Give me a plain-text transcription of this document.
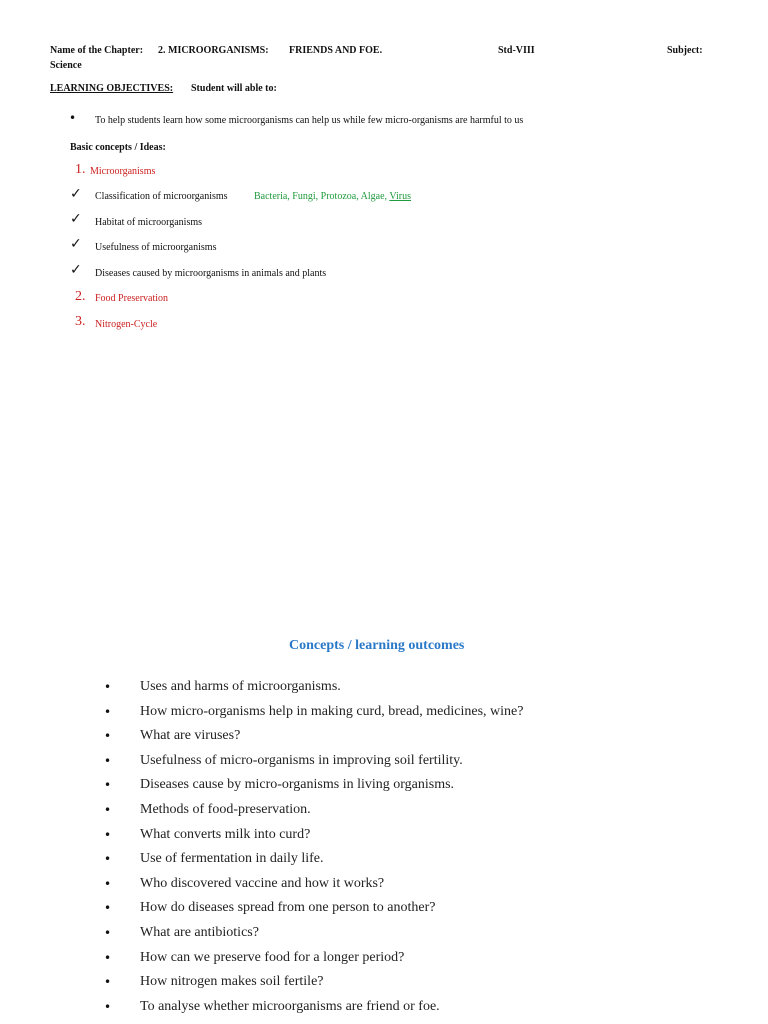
Name of the Chapter: 2. MICROORGANISMS: FRIENDS AND FOE.	Std-VIII	Subject:
Science
LEARNING OBJECTIVES: Student will able to:
• To help students learn how some microorganisms can help us while few micro-organisms are harmful to us
Basic concepts / Ideas:
1. Microorganisms
✓ Classification of microorganisms	Bacteria, Fungi, Protozoa, Algae, Virus
✓ Habitat of microorganisms
✓ Usefulness of microorganisms
✓ Diseases caused by microorganisms in animals and plants
2. Food Preservation
3. Nitrogen-Cycle
Concepts / learning outcomes
• Uses and harms of microorganisms.
• How micro-organisms help in making curd, bread, medicines, wine?
• What are viruses?
• Usefulness of micro-organisms in improving soil fertility.
• Diseases cause by micro-organisms in living organisms.
• Methods of food-preservation.
• What converts milk into curd?
• Use of fermentation in daily life.
• Who discovered vaccine and how it works?
• How do diseases spread from one person to another?
• What are antibiotics?
• How can we preserve food for a longer period?
• How nitrogen makes soil fertile?
• To analyse whether microorganisms are friend or foe.
